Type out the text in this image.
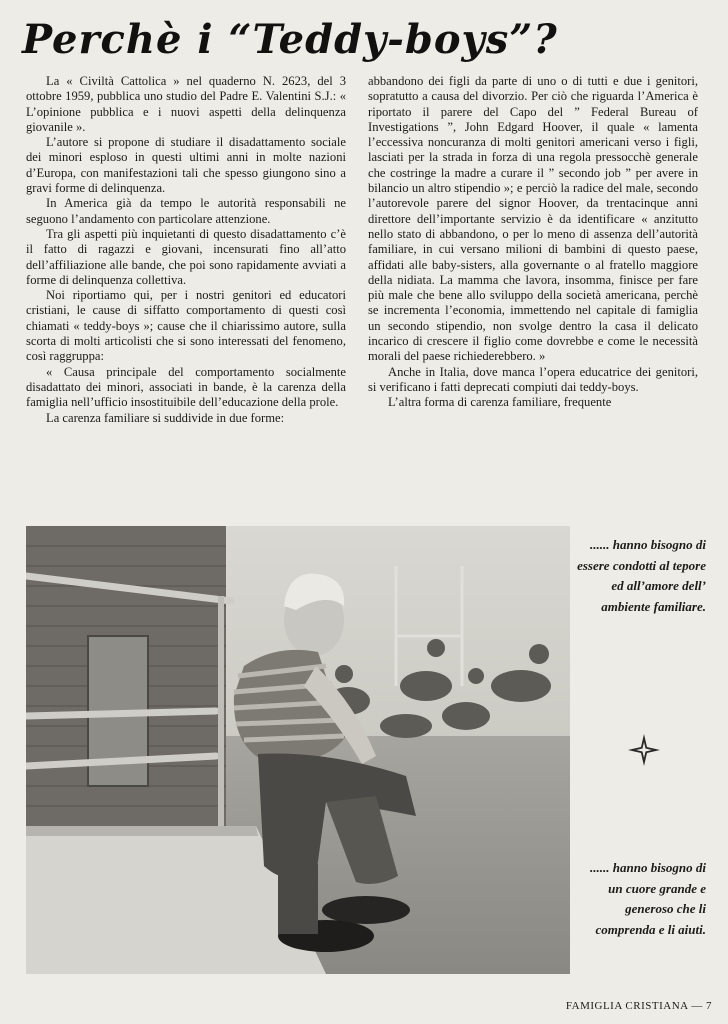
Perchè i “Teddy-boys”?

La « Civiltà Cattolica » nel quaderno N. 2623, del 3 ottobre 1959, pubblica uno studio del Padre E. Valentini S.J.: « L’opinione pubblica e i nuovi aspetti della delinquenza giovanile ».

L’autore si propone di studiare il disadattamento sociale dei minori esploso in questi ultimi anni in molte nazioni d’Europa, con manifestazioni tali che spesso giungono sino a gravi forme di delinquenza.

In America già da tempo le autorità responsabili ne seguono l’andamento con particolare attenzione.

Tra gli aspetti più inquietanti di questo disadattamento c’è il fatto di ragazzi e giovani, incensurati fino all’atto dell’affiliazione alle bande, che poi sono rapidamente avviati a forme di delinquenza collettiva.

Noi riportiamo qui, per i nostri genitori ed educatori cristiani, le cause di siffatto comportamento di questi così chiamati « teddy-boys »; cause che il chiarissimo autore, sulla scorta di molti articolisti che si sono interessati del fenomeno, così raggruppa:

« Causa principale del comportamento socialmente disadattato dei minori, associati in bande, è la carenza della famiglia nell’ufficio insostituibile dell’educazione della prole.

La carenza familiare si suddivide in due forme:

abbandono dei figli da parte di uno o di tutti e due i genitori, sopratutto a causa del divorzio. Per ciò che riguarda l’America è riportato il parere del Capo del ” Federal Bureau of Investigations ”, John Edgard Hoover, il quale « lamenta l’eccessiva noncuranza di molti genitori americani verso i figli, lasciati per la strada in forza di una regola pressocchè generale che costringe la madre a curare il ” secondo job ” per avere in bilancio un altro stipendio »; e perciò la radice del male, secondo l’autorevole parere del signor Hoover, da trentacinque anni direttore dell’importante servizio è da identificare « anzitutto nello stato di abbandono, o per lo meno di assenza dell’autorità familiare, in cui versano milioni di bambini di questo paese, affidati alle baby-sisters, alla governante o al fratello maggiore della nidiata. La mamma che lavora, insomma, finisce per fare più male che bene allo sviluppo della società americana, perchè se incrementa l’economia, immettendo nel capitale di famiglia un secondo stipendio, non svolge dentro la casa il delicato incarico di crescere il figlio come dovrebbe e come le necessità morali del paese richiederebbero. »

Anche in Italia, dove manca l’opera educatrice dei genitori, si verificano i fatti deprecati compiuti dai teddy-boys.

L’altra forma di carenza familiare, frequente

...... hanno bisogno di essere condotti al tepore ed all’amore dell’ ambiente familiare.
...... hanno bisogno di un cuore grande e generoso che li comprenda e li aiuti.
FAMIGLIA CRISTIANA — 7
